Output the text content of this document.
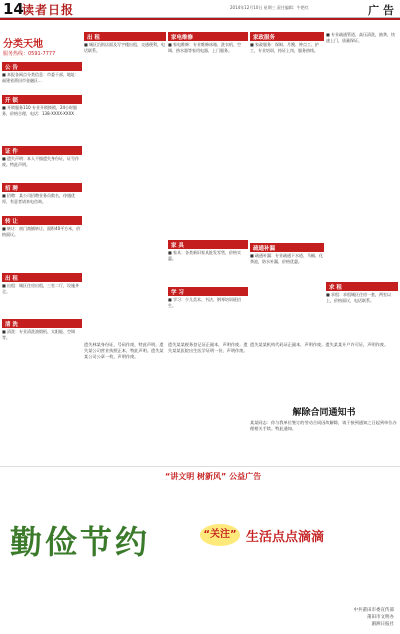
14
读者日报	2014年12月10日 星期三 责任编辑：牛艳红	广 告
分类天地
服务热线：0591-7777
公 告
■ 本报各网点分类信息：市委干部，地址：福建省莆田市金融区...
开 锁
■ 开锁服务110 专业开锁换锁，24小时服务，价格合理，电话：138-XXXX-XXXX
证 件
■ 遗失声明：本人不慎遗失身份证，证号作废。特此声明。
招 聘
■ 招聘：某公司招聘业务员数名，待遇优厚，有意者请来电咨询。
转 让
■ 转让：南门商铺转让，面积40平方米，价格面议。
出 租
■ 出租：城区住房出租，三室二厅，设施齐全。
清 洗
■ 清洗：专业清洗油烟机、太阳能、空调等。
出 租
■ 城区沿街店面及写字楼出租，交通便利，电话联系。
家电维修
■ 家电维修：专业维修冰箱、洗衣机、空调、热水器等家用电器，上门服务。
家 具
■ 家具：各类新旧家具批发零售，价格实惠。
学 习
■ 学习：少儿美术、书法、钢琴培训班招生。
家政服务
■ 家政服务：保姆、月嫂、钟点工、护工，专业培训，持证上岗，服务热线。
疏通补漏
■ 疏通补漏：专业疏通下水道、马桶、化粪池，防水补漏，价格优惠。
■ 专业疏通管道，高压清洗，抽粪，快速上门，质量保证。
求 租
■ 求租：求租城区住房一套，两室以上，价格面议，电话联系。
遗失林某身份证，号码作废，特此声明。遗失某公司营业执照正本，特此声明。遗失某某公司公章一枚，声明作废。
遗失某某税务登记证正副本，声明作废。遗失某某医院出生医学证明一份，声明作废。
遗失某某机构代码证正副本，声明作废。遗失某某开户许可证，声明作废。
解除合同通知书
某某同志：你与我单位签订的劳动合同因故解除，请于接到通知之日起到单位办理相关手续。特此通知。
“讲文明 树新风” 公益广告
勤俭节约	“关注” 生活点点滴滴
中共莆田市委宣传部
莆田市文明办
湄洲日报社
